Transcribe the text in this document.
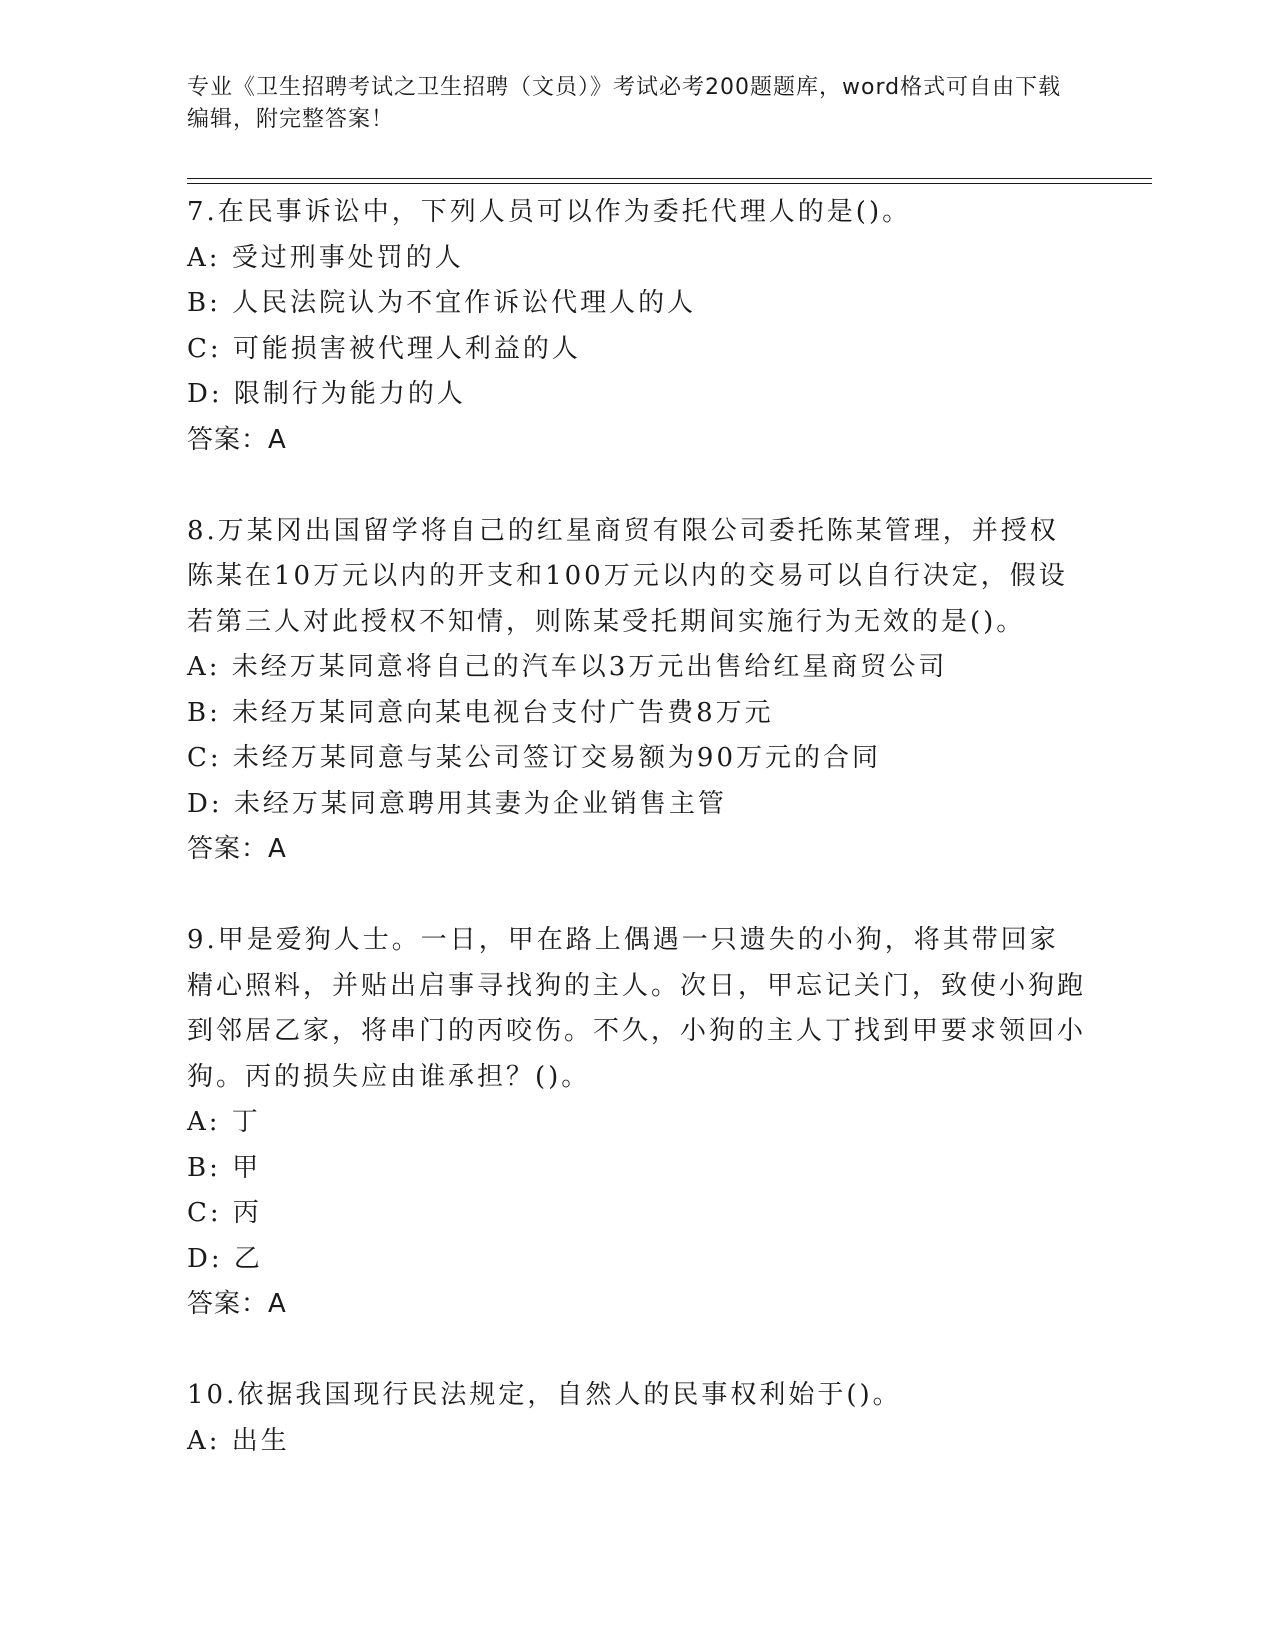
专业《卫生招聘考试之卫生招聘（文员）》考试必考200题题库，word格式可自由下载编辑，附完整答案！

7.在民事诉讼中，下列人员可以作为委托代理人的是()。

A: 受过刑事处罚的人

B: 人民法院认为不宜作诉讼代理人的人

C: 可能损害被代理人利益的人

D: 限制行为能力的人

答案：A

8.万某冈出国留学将自己的红星商贸有限公司委托陈某管理，并授权陈某在10万元以内的开支和100万元以内的交易可以自行决定，假设若第三人对此授权不知情，则陈某受托期间实施行为无效的是()。

A: 未经万某同意将自己的汽车以3万元出售给红星商贸公司

B: 未经万某同意向某电视台支付广告费8万元

C: 未经万某同意与某公司签订交易额为90万元的合同

D: 未经万某同意聘用其妻为企业销售主管

答案：A

9.甲是爱狗人士。一日，甲在路上偶遇一只遗失的小狗，将其带回家精心照料，并贴出启事寻找狗的主人。次日，甲忘记关门，致使小狗跑到邻居乙家，将串门的丙咬伤。不久，小狗的主人丁找到甲要求领回小狗。丙的损失应由谁承担？()。

A: 丁

B: 甲

C: 丙

D: 乙

答案：A

10.依据我国现行民法规定，自然人的民事权利始于()。

A: 出生
